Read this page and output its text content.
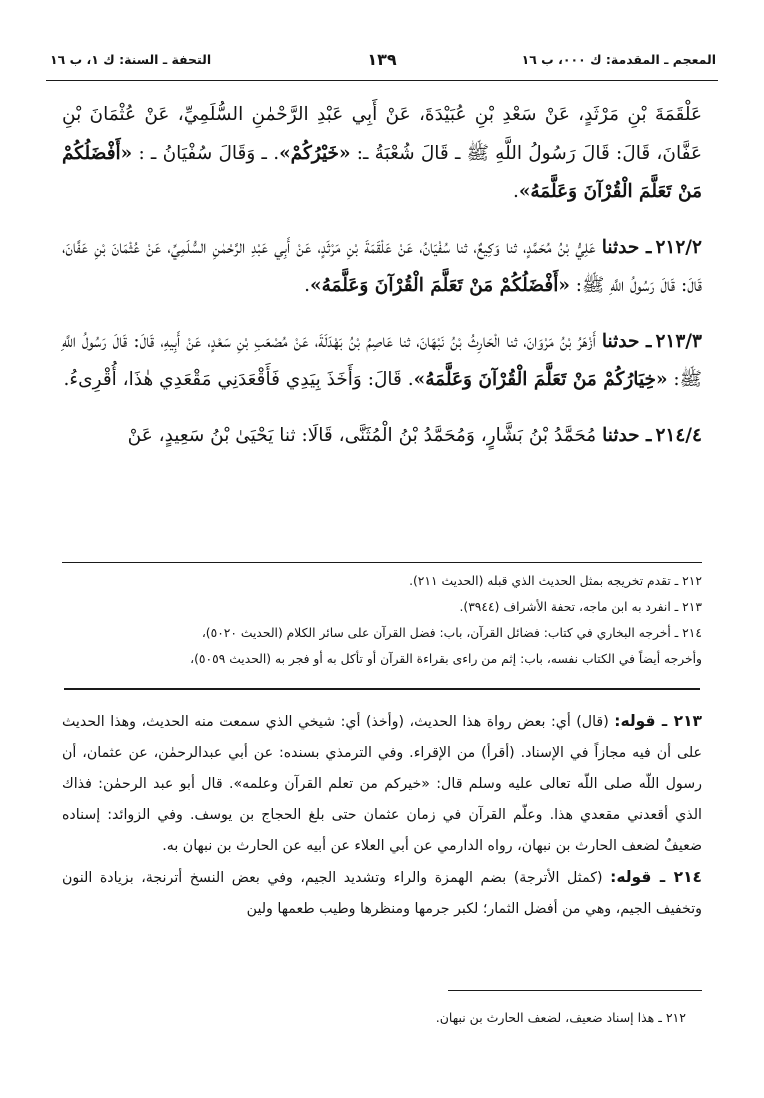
المعجم ـ المقدمة: ك ٠٠٠، ب ١٦
١٣٩
التحفة ـ السنة: ك ١، ب ١٦

عَلْقَمَةَ بْنِ مَرْثَدٍ، عَنْ سَعْدِ بْنِ عُبَيْدَةَ، عَنْ أَبِي عَبْدِ الرَّحْمٰنِ السُّلَمِيِّ، عَنْ عُثْمَانَ بْنِ عَفَّانَ، قَالَ: قَالَ رَسُولُ اللَّهِ ﷺ ـ قَالَ شُعْبَةُ ـ: «خَيْرُكُمْ». ـ وَقَالَ سُفْيَانُ ـ : «أَفْضَلُكُمْ مَنْ تَعَلَّمَ الْقُرْآنَ وَعَلَّمَهُ».

٢١٢/٢ـ حدثنا عَلِيُّ بْنُ مُحَمَّدٍ، ثنا وَكِيعٌ، ثنا سُفْيَانُ، عَنْ عَلْقَمَةَ بْنِ مَرْثَدٍ، عَنْ أَبِي عَبْدِ الرَّحْمٰنِ السُّلَمِيِّ، عَنْ عُثْمَانَ بْنِ عَفَّانَ، قَالَ: قَالَ رَسُولُ اللَّهِ ﷺ: «أَفْضَلُكُمْ مَنْ تَعَلَّمَ الْقُرْآنَ وَعَلَّمَهُ».

٢١٣/٣ـ حدثنا أَزْهَرُ بْنُ مَرْوَانَ، ثنا الْحَارِثُ بْنُ نَبْهَانَ، ثنا عَاصِمُ بْنُ بَهْدَلَةَ، عَنْ مُصْعَبِ بْنِ سَعْدٍ، عَنْ أَبِيهِ، قَالَ: قَالَ رَسُولُ اللَّهِ ﷺ: «خِيَارُكُمْ مَنْ تَعَلَّمَ الْقُرْآنَ وَعَلَّمَهُ». قَالَ: وَأَخَذَ بِيَدِي فَأَقْعَدَنِي مَقْعَدِي هٰذَا، أُقْرِىءُ.

٢١٤/٤ـ حدثنا مُحَمَّدُ بْنُ بَشَّارٍ، وَمُحَمَّدُ بْنُ الْمُثَنَّى، قَالَا: ثنا يَحْيَىٰ بْنُ سَعِيدٍ، عَنْ

٢١٢ ـ تقدم تخريجه بمثل الحديث الذي قبله (الحديث ٢١١).

٢١٣ ـ انفرد به ابن ماجه، تحفة الأشراف (٣٩٤٤).

٢١٤ ـ أخرجه البخاري في كتاب: فضائل القرآن، باب: فضل القرآن على سائر الكلام (الحديث ٥٠٢٠)،

وأخرجه أيضاً في الكتاب نفسه، باب: إثم من راءى بقراءة القرآن أو تأكل به أو فجر به (الحديث ٥٠٥٩)،

٢١٣ ـ قوله: (قال) أي: بعض رواة هذا الحديث، (وأخذ) أي: شيخي الذي سمعت منه الحديث، وهذا الحديث على أن فيه مجازاً في الإسناد. (أقرأ) من الإقراء. وفي الترمذي بسنده: عن أبي عبدالرحمٰن، عن عثمان، أن رسول اللّه صلى اللّه تعالى عليه وسلم قال: «خيركم من تعلم القرآن وعلمه». قال أبو عبد الرحمٰن: فذاك الذي أقعدني مقعدي هذا. وعلّم القرآن في زمان عثمان حتى بلغ الحجاج بن يوسف. وفي الزوائد: إسناده ضعيفٌ لضعف الحارث بن نبهان، رواه الدارمي عن أبي العلاء عن أبيه عن الحارث بن نبهان به.

٢١٤ ـ قوله: (كمثل الأترجة) بضم الهمزة والراء وتشديد الجيم، وفي بعض النسخ أترنجة، بزيادة النون وتخفيف الجيم، وهي من أفضل الثمار؛ لكبر جرمها ومنظرها وطيب طعمها ولين

٢١٢ ـ هذا إسناد ضعيف، لضعف الحارث بن نبهان.
